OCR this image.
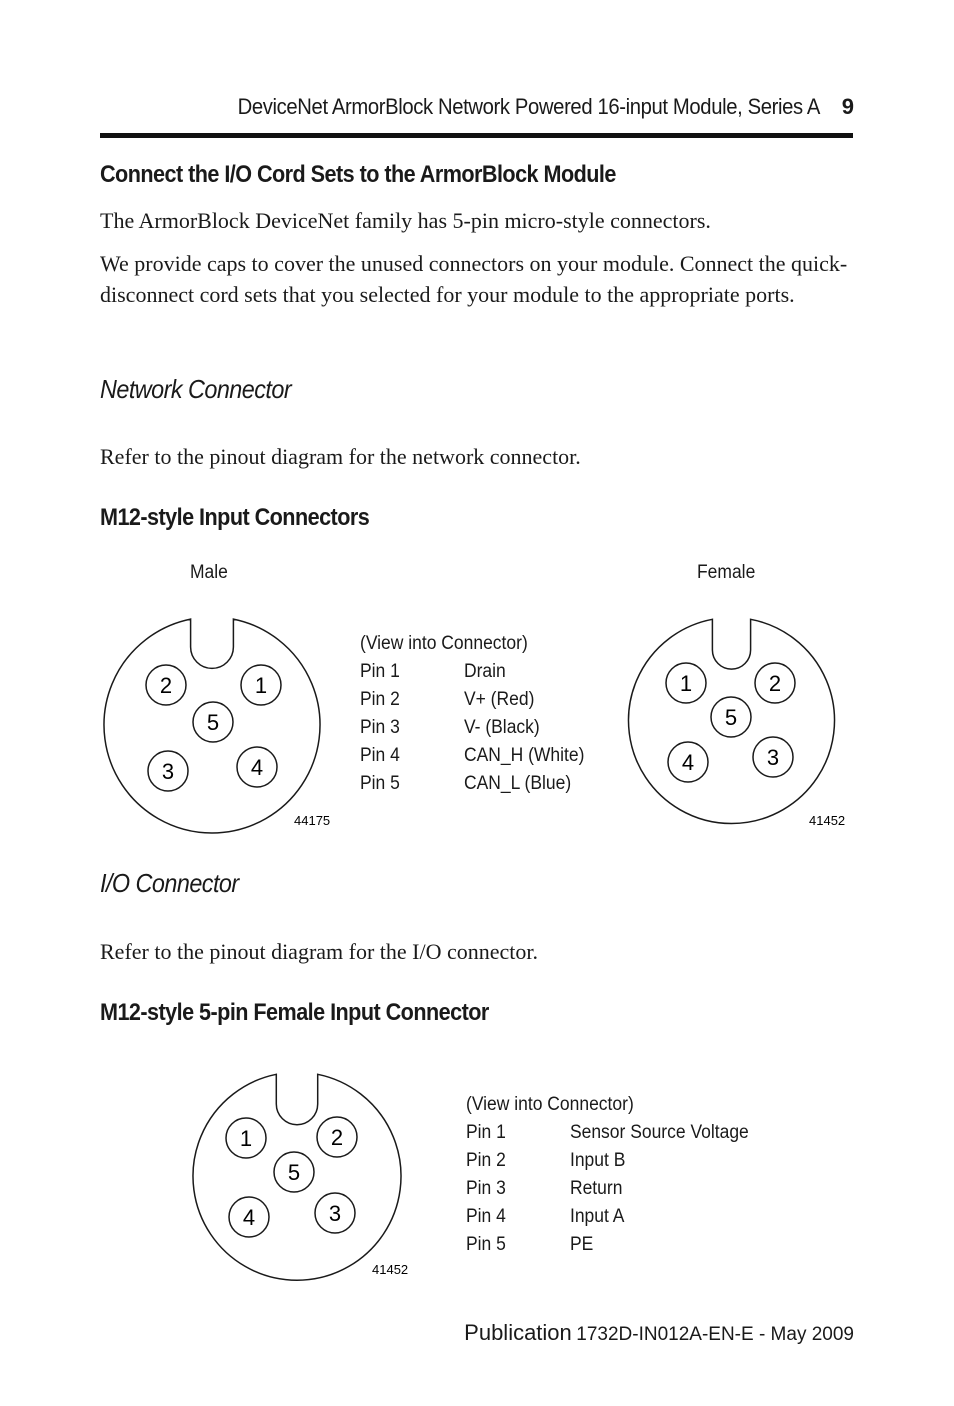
DeviceNet ArmorBlock Network Powered 16-input Module, Series A 9
Connect the I/O Cord Sets to the ArmorBlock Module

The ArmorBlock DeviceNet family has 5-pin micro-style connectors.

We provide caps to cover the unused connectors on your module. Connect the quick-disconnect cord sets that you selected for your module to the appropriate ports.

Network Connector

Refer to the pinout diagram for the network connector.

M12-style Input Connectors
Male	Female
2	1
5
3	4
44175
(View into Connector)
Pin 1	Drain
Pin 2	V+ (Red)
Pin 3	V- (Black)
Pin 4	CAN_H (White)
Pin 5	CAN_L (Blue)
1	2
5
4	3
41452
I/O Connector

Refer to the pinout diagram for the I/O connector.

M12-style 5-pin Female Input Connector
1	2
5
4	3
41452
(View into Connector)
Pin 1	Sensor Source Voltage
Pin 2	Input B
Pin 3	Return
Pin 4	Input A
Pin 5	PE
Publication 1732D-IN012A-EN-E - May 2009
